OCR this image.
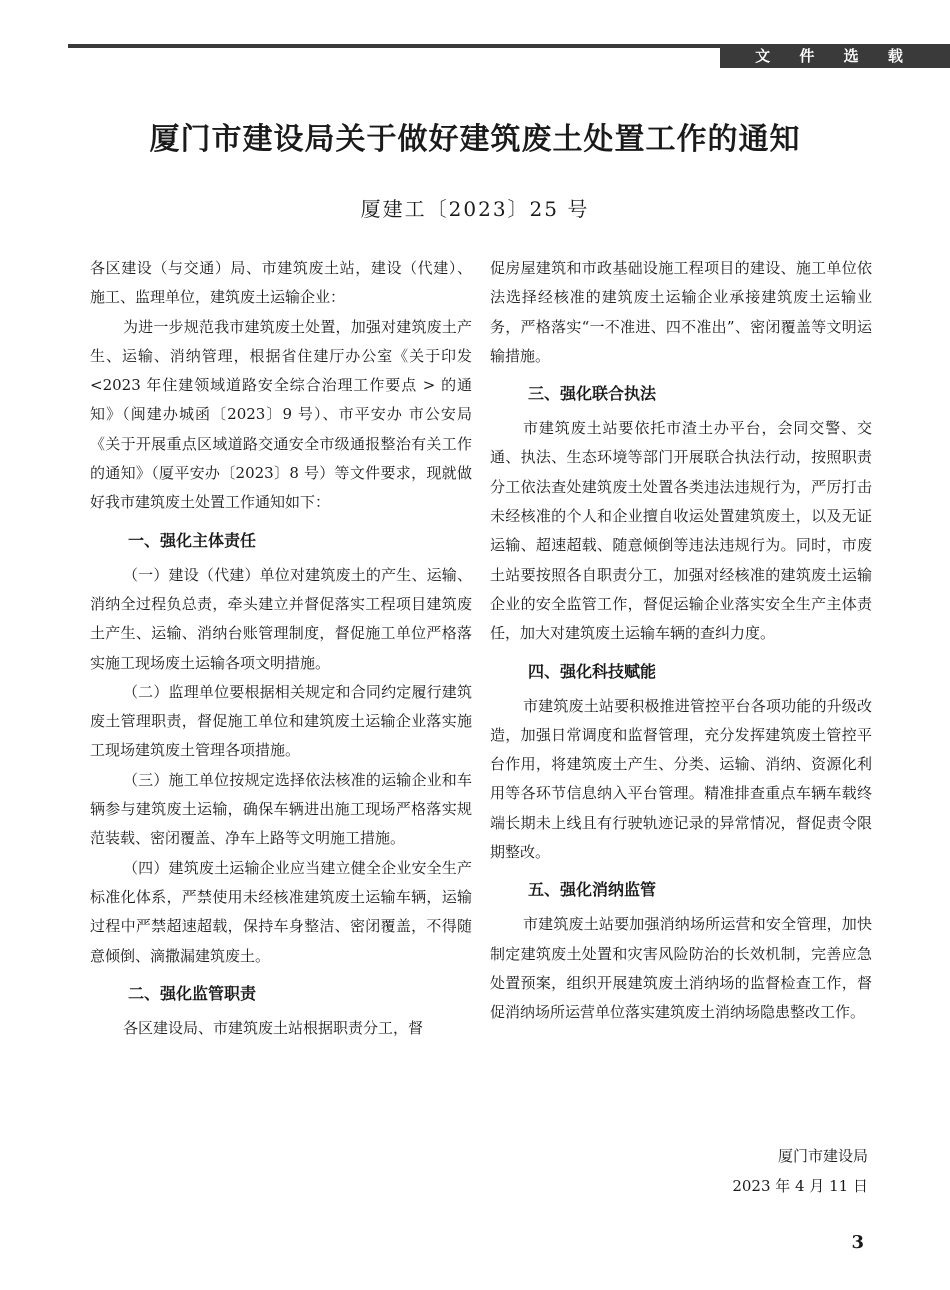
文 件 选 载
厦门市建设局关于做好建筑废土处置工作的通知
厦建工〔2023〕25 号

各区建设（与交通）局、市建筑废土站，建设（代建）、施工、监理单位，建筑废土运输企业：

为进一步规范我市建筑废土处置，加强对建筑废土产生、运输、消纳管理，根据省住建厅办公室《关于印发 <2023 年住建领域道路安全综合治理工作要点 > 的通知》（闽建办城函〔2023〕9 号）、市平安办 市公安局《关于开展重点区域道路交通安全市级通报整治有关工作的通知》（厦平安办〔2023〕8 号）等文件要求，现就做好我市建筑废土处置工作通知如下：

一、强化主体责任

（一）建设（代建）单位对建筑废土的产生、运输、消纳全过程负总责，牵头建立并督促落实工程项目建筑废土产生、运输、消纳台账管理制度，督促施工单位严格落实施工现场废土运输各项文明措施。

（二）监理单位要根据相关规定和合同约定履行建筑废土管理职责，督促施工单位和建筑废土运输企业落实施工现场建筑废土管理各项措施。

（三）施工单位按规定选择依法核准的运输企业和车辆参与建筑废土运输，确保车辆进出施工现场严格落实规范装载、密闭覆盖、净车上路等文明施工措施。

（四）建筑废土运输企业应当建立健全企业安全生产标准化体系，严禁使用未经核准建筑废土运输车辆，运输过程中严禁超速超载，保持车身整洁、密闭覆盖，不得随意倾倒、滴撒漏建筑废土。

二、强化监管职责

各区建设局、市建筑废土站根据职责分工，督

促房屋建筑和市政基础设施工程项目的建设、施工单位依法选择经核准的建筑废土运输企业承接建筑废土运输业务，严格落实“一不准进、四不准出”、密闭覆盖等文明运输措施。

三、强化联合执法

市建筑废土站要依托市渣土办平台，会同交警、交通、执法、生态环境等部门开展联合执法行动，按照职责分工依法查处建筑废土处置各类违法违规行为，严厉打击未经核准的个人和企业擅自收运处置建筑废土，以及无证运输、超速超载、随意倾倒等违法违规行为。同时，市废土站要按照各自职责分工，加强对经核准的建筑废土运输企业的安全监管工作，督促运输企业落实安全生产主体责任，加大对建筑废土运输车辆的查纠力度。

四、强化科技赋能

市建筑废土站要积极推进管控平台各项功能的升级改造，加强日常调度和监督管理，充分发挥建筑废土管控平台作用，将建筑废土产生、分类、运输、消纳、资源化利用等各环节信息纳入平台管理。精准排查重点车辆车载终端长期未上线且有行驶轨迹记录的异常情况，督促责令限期整改。

五、强化消纳监管

市建筑废土站要加强消纳场所运营和安全管理，加快制定建筑废土处置和灾害风险防治的长效机制，完善应急处置预案，组织开展建筑废土消纳场的监督检查工作，督促消纳场所运营单位落实建筑废土消纳场隐患整改工作。

厦门市建设局
2023 年 4 月 11 日
3
